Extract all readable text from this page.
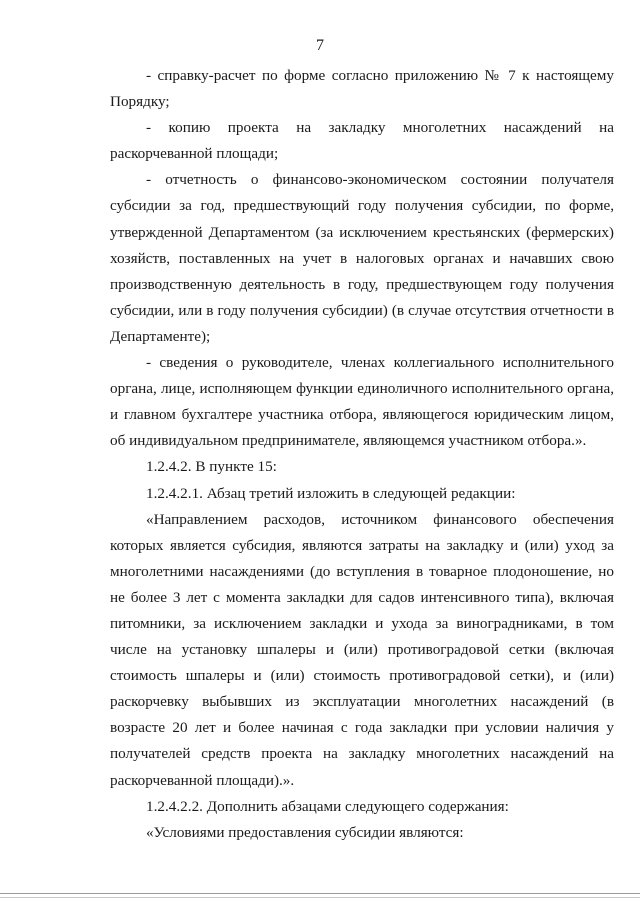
7

- справку-расчет по форме согласно приложению № 7 к настоящему Порядку;

- копию проекта на закладку многолетних насаждений на раскорчеванной площади;

- отчетность о финансово-экономическом состоянии получателя субсидии за год, предшествующий году получения субсидии, по форме, утвержденной Департаментом (за исключением крестьянских (фермерских) хозяйств, поставленных на учет в налоговых органах и начавших свою производственную деятельность в году, предшествующем году получения субсидии, или в году получения субсидии) (в случае отсутствия отчетности в Департаменте);

- сведения о руководителе, членах коллегиального исполнительного органа, лице, исполняющем функции единоличного исполнительного органа, и главном бухгалтере участника отбора, являющегося юридическим лицом, об индивидуальном предпринимателе, являющемся участником отбора.».

1.2.4.2. В пункте 15:

1.2.4.2.1. Абзац третий изложить в следующей редакции:

«Направлением расходов, источником финансового обеспечения которых является субсидия, являются затраты на закладку и (или) уход за многолетними насаждениями (до вступления в товарное плодоношение, но не более 3 лет с момента закладки для садов интенсивного типа), включая питомники, за исключением закладки и ухода за виноградниками, в том числе на установку шпалеры и (или) противоградовой сетки (включая стоимость шпалеры и (или) стоимость противоградовой сетки), и (или) раскорчевку выбывших из эксплуатации многолетних насаждений (в возрасте 20 лет и более начиная с года закладки при условии наличия у получателей средств проекта на закладку многолетних насаждений на раскорчеванной площади).».

1.2.4.2.2. Дополнить абзацами следующего содержания:

«Условиями предоставления субсидии являются:
